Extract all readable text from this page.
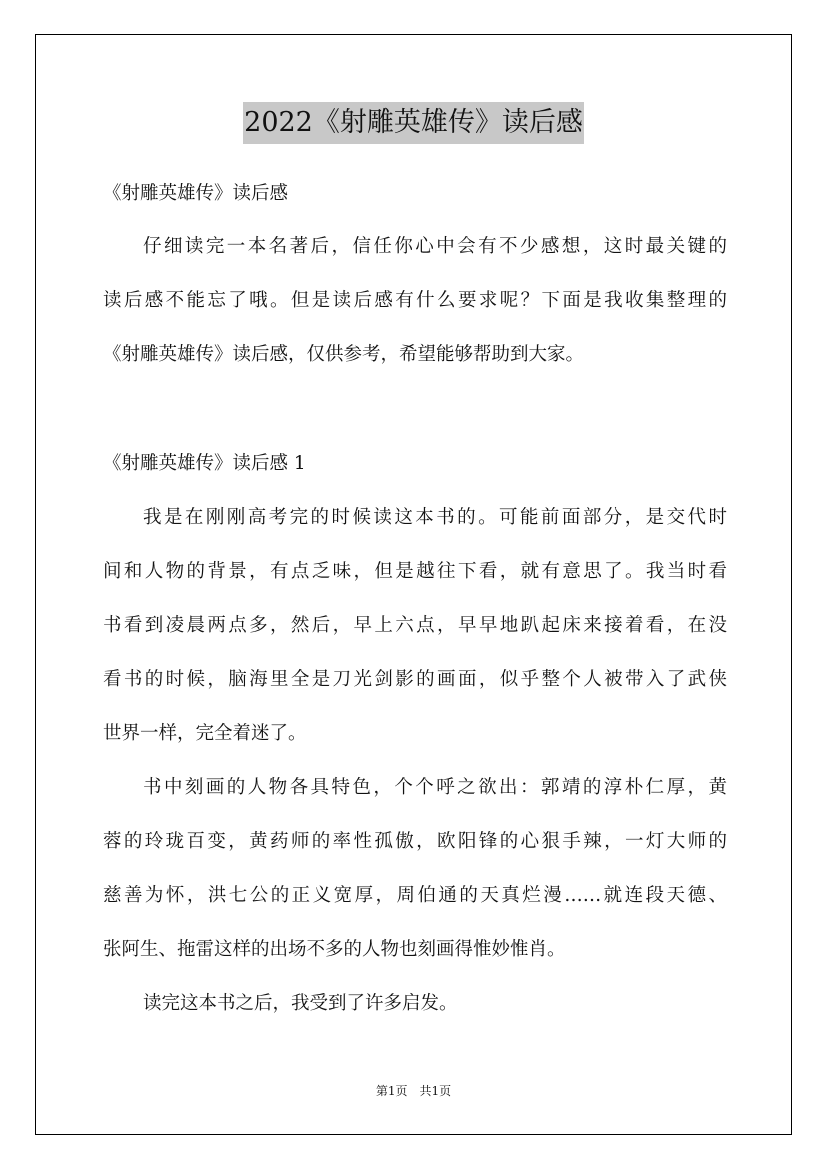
2022《射雕英雄传》读后感

《射雕英雄传》读后感

仔细读完一本名著后，信任你心中会有不少感想，这时最关键的

读后感不能忘了哦。但是读后感有什么要求呢？下面是我收集整理的

《射雕英雄传》读后感，仅供参考，希望能够帮助到大家。

《射雕英雄传》读后感 1

我是在刚刚高考完的时候读这本书的。可能前面部分，是交代时

间和人物的背景，有点乏味，但是越往下看，就有意思了。我当时看

书看到凌晨两点多，然后，早上六点，早早地趴起床来接着看，在没

看书的时候，脑海里全是刀光剑影的画面，似乎整个人被带入了武侠

世界一样，完全着迷了。

书中刻画的人物各具特色，个个呼之欲出：郭靖的淳朴仁厚，黄

蓉的玲珑百变，黄药师的率性孤傲，欧阳锋的心狠手辣，一灯大师的

慈善为怀，洪七公的正义宽厚，周伯通的天真烂漫……就连段天德、

张阿生、拖雷这样的出场不多的人物也刻画得惟妙惟肖。

读完这本书之后，我受到了许多启发。

第1页　共1页
